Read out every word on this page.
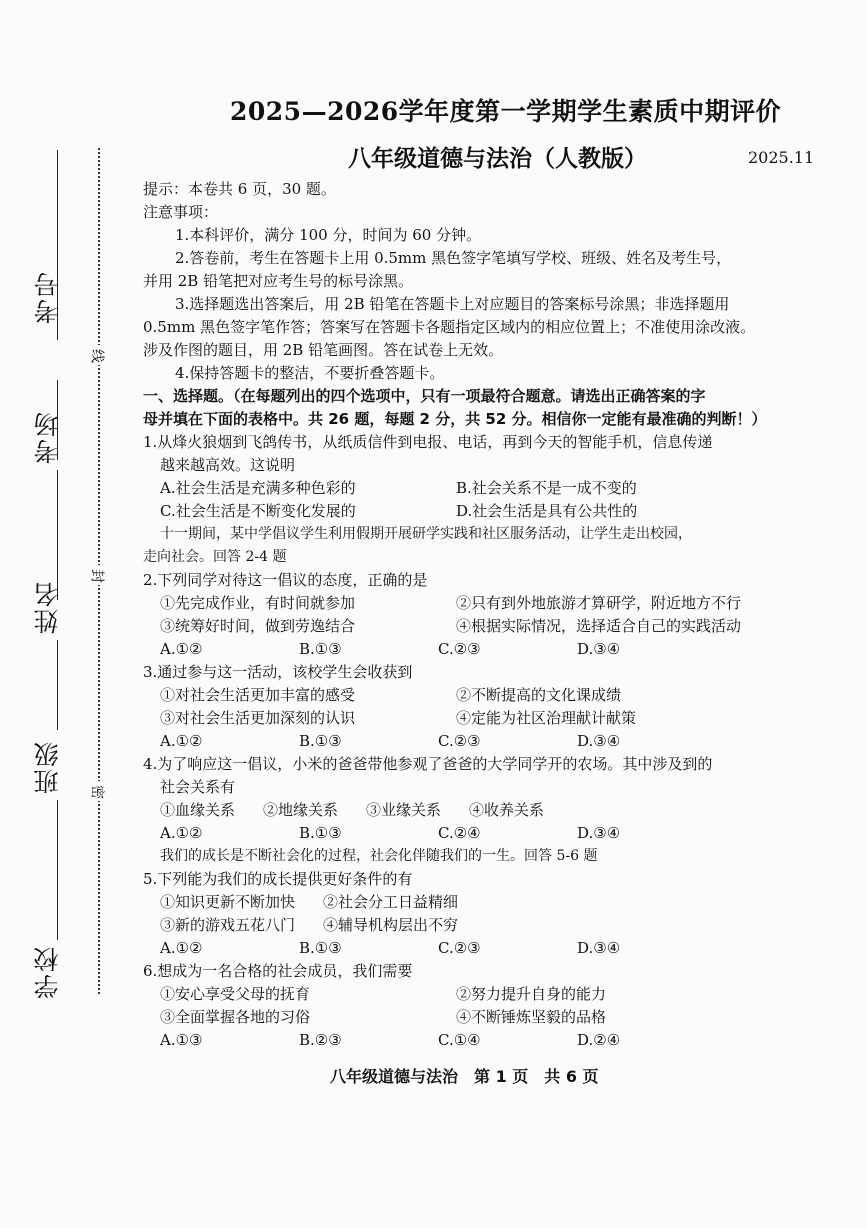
考号
考场
姓名
班级
学校
线
封
密
2025—2026学年度第一学期学生素质中期评价
八年级道德与法治（人教版）	2025.11

提示：本卷共 6 页，30 题。

注意事项：

1.本科评价，满分 100 分，时间为 60 分钟。

2.答卷前，考生在答题卡上用 0.5mm 黑色签字笔填写学校、班级、姓名及考生号，

并用 2B 铅笔把对应考生号的标号涂黑。

3.选择题选出答案后，用 2B 铅笔在答题卡上对应题目的答案标号涂黑；非选择题用

0.5mm 黑色签字笔作答；答案写在答题卡各题指定区域内的相应位置上；不准使用涂改液。

涉及作图的题目，用 2B 铅笔画图。答在试卷上无效。

4.保持答题卡的整洁，不要折叠答题卡。

一、选择题。（在每题列出的四个选项中，只有一项最符合题意。请选出正确答案的字

母并填在下面的表格中。共 26 题，每题 2 分，共 52 分。相信你一定能有最准确的判断！）

1.从烽火狼烟到飞鸽传书，从纸质信件到电报、电话，再到今天的智能手机，信息传递

越来越高效。这说明

A.社会生活是充满多种色彩的	B.社会关系不是一成不变的
C.社会生活是不断变化发展的	D.社会生活是具有公共性的

十一期间，某中学倡议学生利用假期开展研学实践和社区服务活动，让学生走出校园，

走向社会。回答 2-4 题

2.下列同学对待这一倡议的态度，正确的是

①先完成作业，有时间就参加	②只有到外地旅游才算研学，附近地方不行
③统筹好时间，做到劳逸结合	④根据实际情况，选择适合自己的实践活动
A.①②	B.①③	C.②③	D.③④

3.通过参与这一活动，该校学生会收获到

①对社会生活更加丰富的感受	②不断提高的文化课成绩
③对社会生活更加深刻的认识	④定能为社区治理献计献策
A.①②	B.①③	C.②③	D.③④

4.为了响应这一倡议，小米的爸爸带他参观了爸爸的大学同学开的农场。其中涉及到的

社会关系有

①血缘关系 ②地缘关系 ③业缘关系 ④收养关系
A.①②	B.①③	C.②④	D.③④

我们的成长是不断社会化的过程，社会化伴随我们的一生。回答 5-6 题

5.下列能为我们的成长提供更好条件的有

①知识更新不断加快 ②社会分工日益精细
③新的游戏五花八门 ④辅导机构层出不穷
A.①②	B.①③	C.②③	D.③④

6.想成为一名合格的社会成员，我们需要

①安心享受父母的抚育	②努力提升自身的能力
③全面掌握各地的习俗	④不断锤炼坚毅的品格
A.①③	B.②③	C.①④	D.②④
八年级道德与法治　第 1 页　共 6 页
